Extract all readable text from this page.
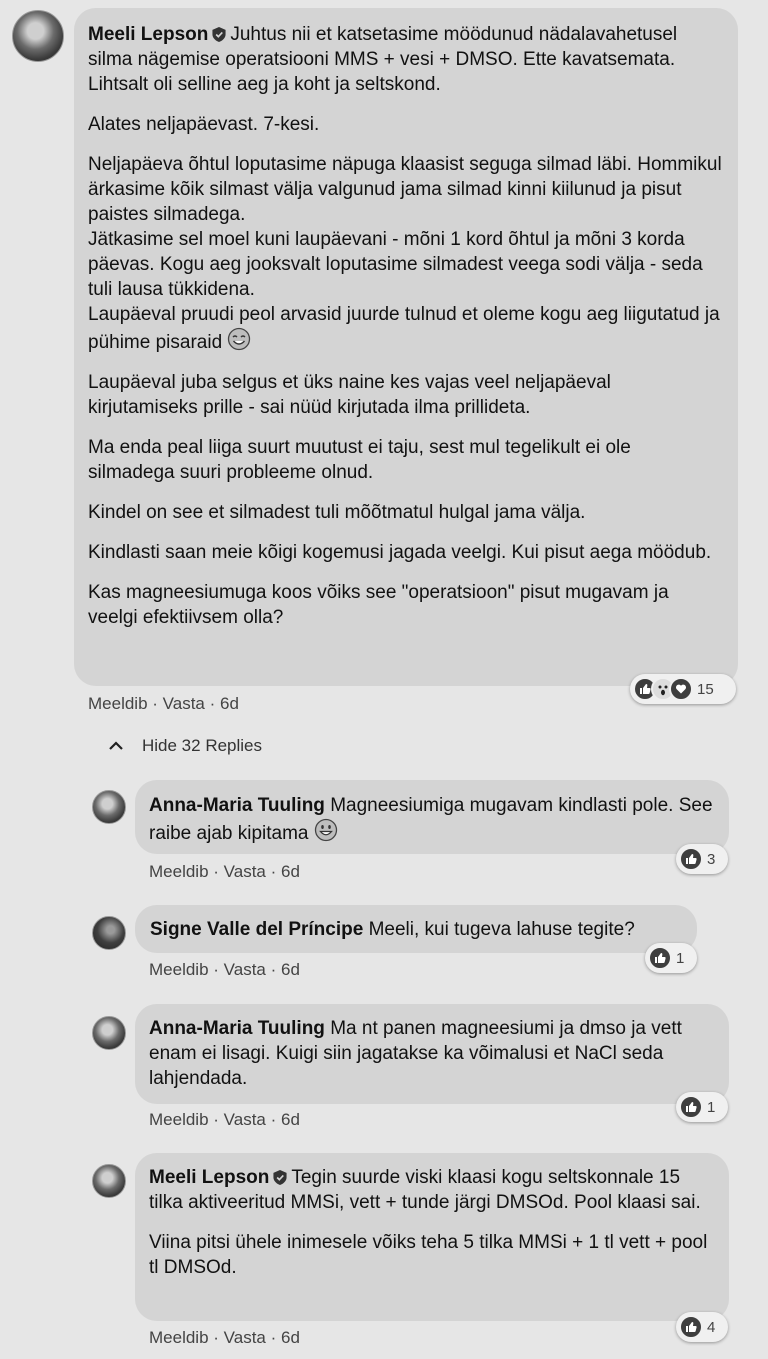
Meeli Lepson Juhtus nii et katsetasime möödunud nädalavahetusel silma nägemise operatsiooni MMS + vesi + DMSO. Ette kavatsemata. Lihtsalt oli selline aeg ja koht ja seltskond.
Alates neljapäevast. 7-kesi.
Neljapäeva õhtul loputasime näpuga klaasist seguga silmad läbi. Hommikul ärkasime kõik silmast välja valgunud jama silmad kinni kiilunud ja pisut paistes silmadega.
Jätkasime sel moel kuni laupäevani - mõni 1 kord õhtul ja mõni 3 korda päevas. Kogu aeg jooksvalt loputasime silmadest veega sodi välja - seda tuli lausa tükkidena.
Laupäeval pruudi peol arvasid juurde tulnud et oleme kogu aeg liigutatud ja pühime pisaraid
Laupäeval juba selgus et üks naine kes vajas veel neljapäeval kirjutamiseks prille - sai nüüd kirjutada ilma prillideta.
Ma enda peal liiga suurt muutust ei taju, sest mul tegelikult ei ole silmadega suuri probleeme olnud.
Kindel on see et silmadest tuli mõõtmatul hulgal jama välja.
Kindlasti saan meie kõigi kogemusi jagada veelgi. Kui pisut aega möödub.
Kas magneesiumuga koos võiks see "operatsioon" pisut mugavam ja veelgi efektiivsem olla?
15
Meeldib · Vasta · 6d
Hide 32 Replies
Anna-Maria Tuuling Magneesiumiga mugavam kindlasti pole. See raibe ajab kipitama
3
Meeldib · Vasta · 6d
Signe Valle del Príncipe Meeli, kui tugeva lahuse tegite?
1
Meeldib · Vasta · 6d
Anna-Maria Tuuling Ma nt panen magneesiumi ja dmso ja vett enam ei lisagi. Kuigi siin jagatakse ka võimalusi et NaCl seda lahjendada.
1
Meeldib · Vasta · 6d
Meeli Lepson Tegin suurde viski klaasi kogu seltskonnale 15 tilka aktiveeritud MMSi, vett + tunde järgi DMSOd. Pool klaasi sai.
Viina pitsi ühele inimesele võiks teha 5 tilka MMSi + 1 tl vett + pool tl DMSOd.
4
Meeldib · Vasta · 6d
